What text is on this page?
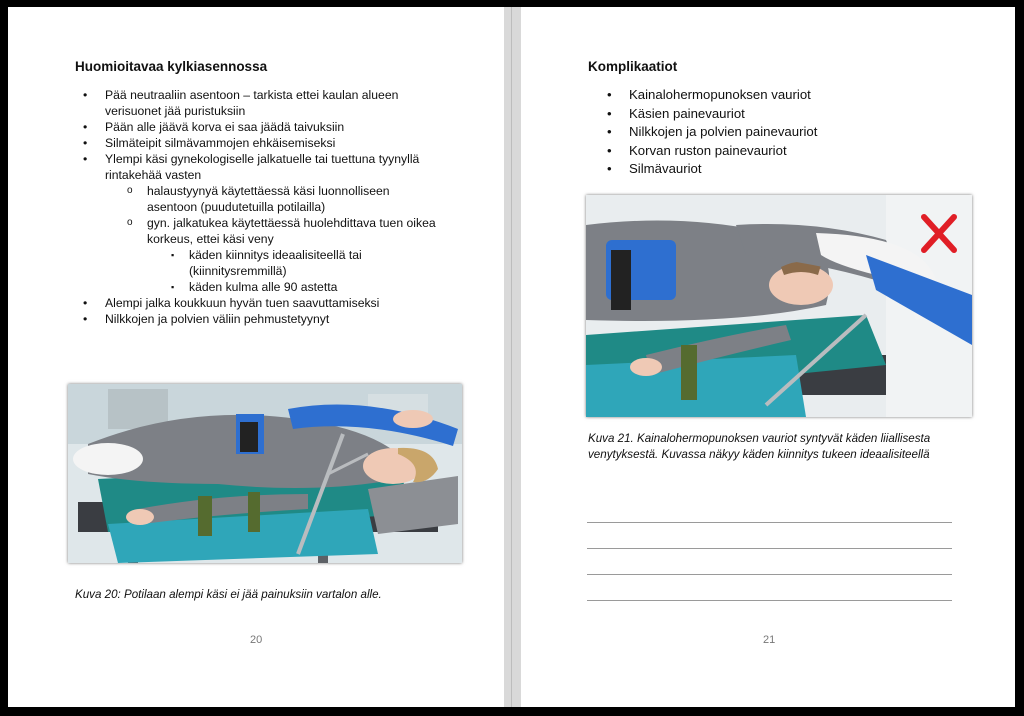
Huomioitavaa kylkiasennossa
• Pää neutraaliin asentoon – tarkista ettei kaulan alueen verisuonet jää puristuksiin
• Pään alle jäävä korva ei saa jäädä taivuksiin
• Silmäteipit silmävammojen ehkäisemiseksi
• Ylempi käsi gynekologiselle jalkatuelle tai tuettuna tyynyllä rintakehää vasten
o halaustyynyä käytettäessä käsi luonnolliseen asentoon (puudutetuilla potilailla)
o gyn. jalkatukea käytettäessä huolehdittava tuen oikea korkeus, ettei käsi veny
▪ käden kiinnitys ideaalisiteellä tai (kiinnitysremmillä)
▪ käden kulma alle 90 astetta
• Alempi jalka koukkuun hyvän tuen saavuttamiseksi
• Nilkkojen ja polvien väliin pehmustetyynyt

Kuva 20: Potilaan alempi käsi ei jää painuksiin vartalon alle.

20
Komplikaatiot
• Kainalohermopunoksen vauriot
• Käsien painevauriot
• Nilkkojen ja polvien painevauriot
• Korvan ruston painevauriot
• Silmävauriot

Kuva 21. Kainalohermopunoksen vauriot syntyvät käden liiallisesta venytyksestä. Kuvassa näkyy käden kiinnitys tukeen ideaalisiteellä

21
